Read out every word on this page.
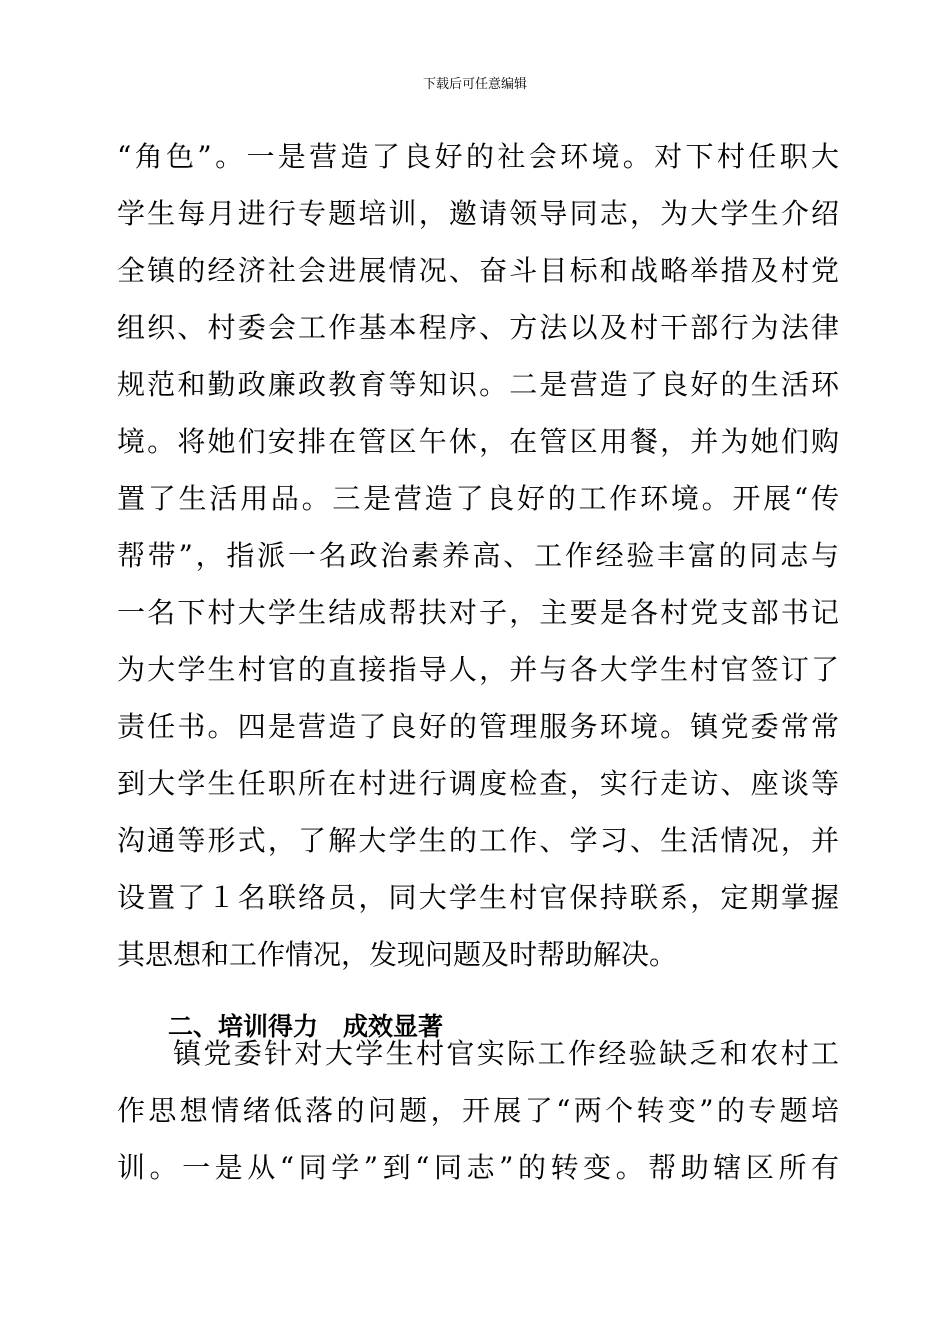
下载后可任意编辑
“角色”。一是营造了良好的社会环境。对下村任职大
学生每月进行专题培训，邀请领导同志，为大学生介绍
全镇的经济社会进展情况、奋斗目标和战略举措及村党
组织、村委会工作基本程序、方法以及村干部行为法律
规范和勤政廉政教育等知识。二是营造了良好的生活环
境。将她们安排在管区午休，在管区用餐，并为她们购
置了生活用品。三是营造了良好的工作环境。开展“传
帮带”，指派一名政治素养高、工作经验丰富的同志与
一名下村大学生结成帮扶对子，主要是各村党支部书记
为大学生村官的直接指导人，并与各大学生村官签订了
责任书。四是营造了良好的管理服务环境。镇党委常常
到大学生任职所在村进行调度检查，实行走访、座谈等
沟通等形式，了解大学生的工作、学习、生活情况，并
设置了１名联络员，同大学生村官保持联系，定期掌握
其思想和工作情况，发现问题及时帮助解决。
二、培训得力　成效显著
镇党委针对大学生村官实际工作经验缺乏和农村工
作思想情绪低落的问题，开展了“两个转变”的专题培
训。一是从“同学”到“同志”的转变。帮助辖区所有
